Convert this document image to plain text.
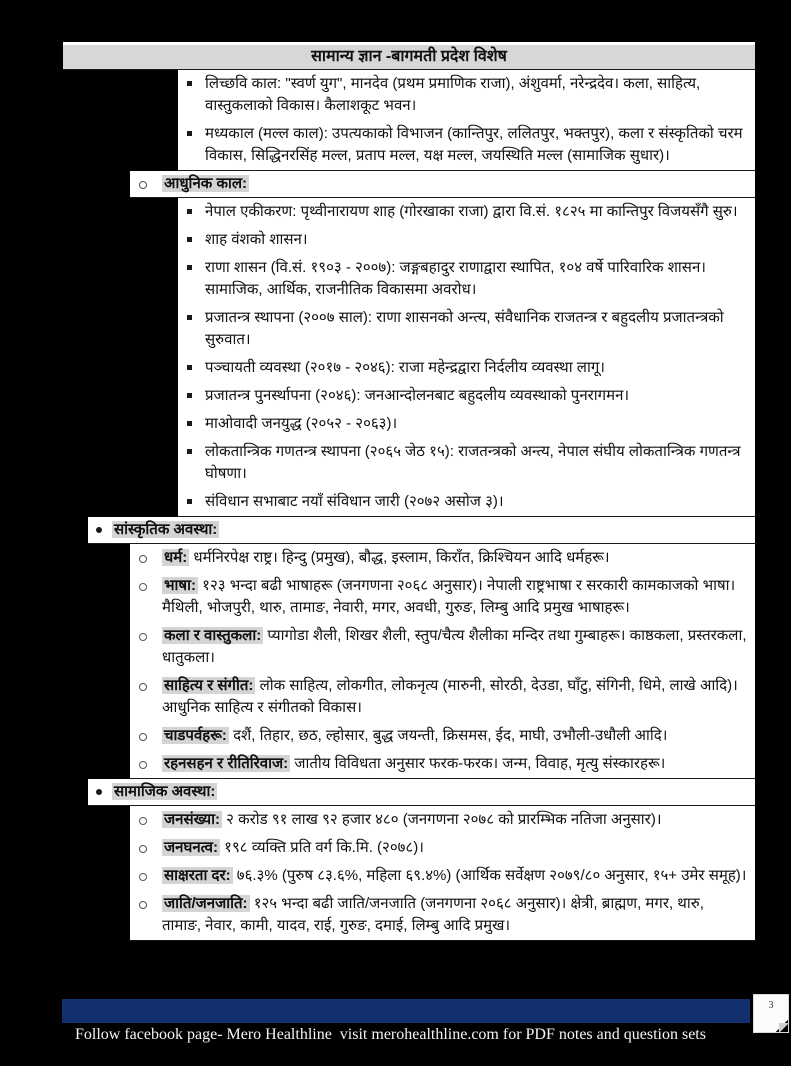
सामान्य ज्ञान -बागमती प्रदेश विशेष
लिच्छवि काल: "स्वर्ण युग", मानदेव (प्रथम प्रमाणिक राजा), अंशुवर्मा, नरेन्द्रदेव। कला, साहित्य, वास्तुकलाको विकास। कैलाशकूट भवन।
मध्यकाल (मल्ल काल): उपत्यकाको विभाजन (कान्तिपुर, ललितपुर, भक्तपुर), कला र संस्कृतिको चरम विकास, सिद्धिनरसिंह मल्ल, प्रताप मल्ल, यक्ष मल्ल, जयस्थिति मल्ल (सामाजिक सुधार)।
आधुनिक काल:
नेपाल एकीकरण: पृथ्वीनारायण शाह (गोरखाका राजा) द्वारा वि.सं. १८२५ मा कान्तिपुर विजयसँगै सुरु।
शाह वंशको शासन।
राणा शासन (वि.सं. १९०३ - २००७): जङ्गबहादुर राणाद्वारा स्थापित, १०४ वर्षे पारिवारिक शासन। सामाजिक, आर्थिक, राजनीतिक विकासमा अवरोध।
प्रजातन्त्र स्थापना (२००७ साल): राणा शासनको अन्त्य, संवैधानिक राजतन्त्र र बहुदलीय प्रजातन्त्रको सुरुवात।
पञ्चायती व्यवस्था (२०१७ - २०४६): राजा महेन्द्रद्वारा निर्दलीय व्यवस्था लागू।
प्रजातन्त्र पुनर्स्थापना (२०४६): जनआन्दोलनबाट बहुदलीय व्यवस्थाको पुनरागमन।
माओवादी जनयुद्ध (२०५२ - २०६३)।
लोकतान्त्रिक गणतन्त्र स्थापना (२०६५ जेठ १५): राजतन्त्रको अन्त्य, नेपाल संघीय लोकतान्त्रिक गणतन्त्र घोषणा।
संविधान सभाबाट नयाँ संविधान जारी (२०७२ असोज ३)।
सांस्कृतिक अवस्था:
धर्म: धर्मनिरपेक्ष राष्ट्र। हिन्दु (प्रमुख), बौद्ध, इस्लाम, किराँत, क्रिश्चियन आदि धर्महरू।
भाषा: १२३ भन्दा बढी भाषाहरू (जनगणना २०६८ अनुसार)। नेपाली राष्ट्रभाषा र सरकारी कामकाजको भाषा। मैथिली, भोजपुरी, थारु, तामाङ, नेवारी, मगर, अवधी, गुरुङ, लिम्बु आदि प्रमुख भाषाहरू।
कला र वास्तुकला: प्यागोडा शैली, शिखर शैली, स्तुप/चैत्य शैलीका मन्दिर तथा गुम्बाहरू। काष्ठकला, प्रस्तरकला, धातुकला।
साहित्य र संगीत: लोक साहित्य, लोकगीत, लोकनृत्य (मारुनी, सोरठी, देउडा, घाँटु, संगिनी, धिमे, लाखे आदि)। आधुनिक साहित्य र संगीतको विकास।
चाडपर्वहरू: दशैं, तिहार, छठ, ल्होसार, बुद्ध जयन्ती, क्रिसमस, ईद, माघी, उभौली-उधौली आदि।
रहनसहन र रीतिरिवाज: जातीय विविधता अनुसार फरक-फरक। जन्म, विवाह, मृत्यु संस्कारहरू।
सामाजिक अवस्था:
जनसंख्या: २ करोड ९१ लाख ९२ हजार ४८० (जनगणना २०७८ को प्रारम्भिक नतिजा अनुसार)।
जनघनत्व: १९८ व्यक्ति प्रति वर्ग कि.मि. (२०७८)।
साक्षरता दर: ७६.३% (पुरुष ८३.६%, महिला ६९.४%) (आर्थिक सर्वेक्षण २०७९/८० अनुसार, १५+ उमेर समूह)।
जाति/जनजाति: १२५ भन्दा बढी जाति/जनजाति (जनगणना २०६८ अनुसार)। क्षेत्री, ब्राह्मण, मगर, थारु, तामाङ, नेवार, कामी, यादव, राई, गुरुङ, दमाई, लिम्बु आदि प्रमुख।

Follow facebook page- Mero Healthline  visit merohealthline.com for PDF notes and question sets

3
